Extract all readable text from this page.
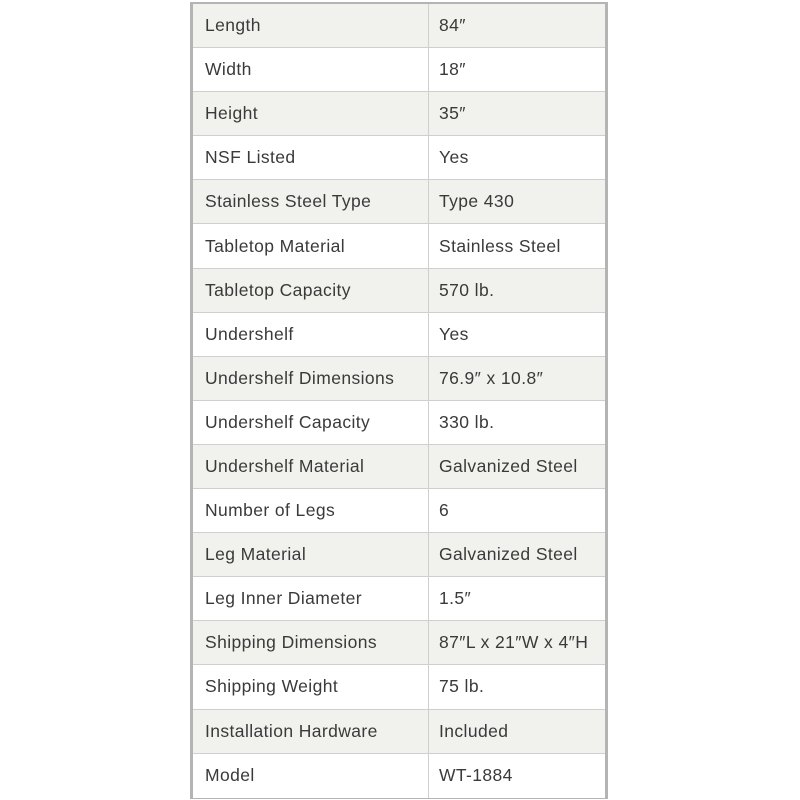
Length	84″
Width	18″
Height	35″
NSF Listed	Yes
Stainless Steel Type	Type 430
Tabletop Material	Stainless Steel
Tabletop Capacity	570 lb.
Undershelf	Yes
Undershelf Dimensions	76.9″ x 10.8″
Undershelf Capacity	330 lb.
Undershelf Material	Galvanized Steel
Number of Legs	6
Leg Material	Galvanized Steel
Leg Inner Diameter	1.5″
Shipping Dimensions	87″L x 21″W x 4″H
Shipping Weight	75 lb.
Installation Hardware	Included
Model	WT-1884
